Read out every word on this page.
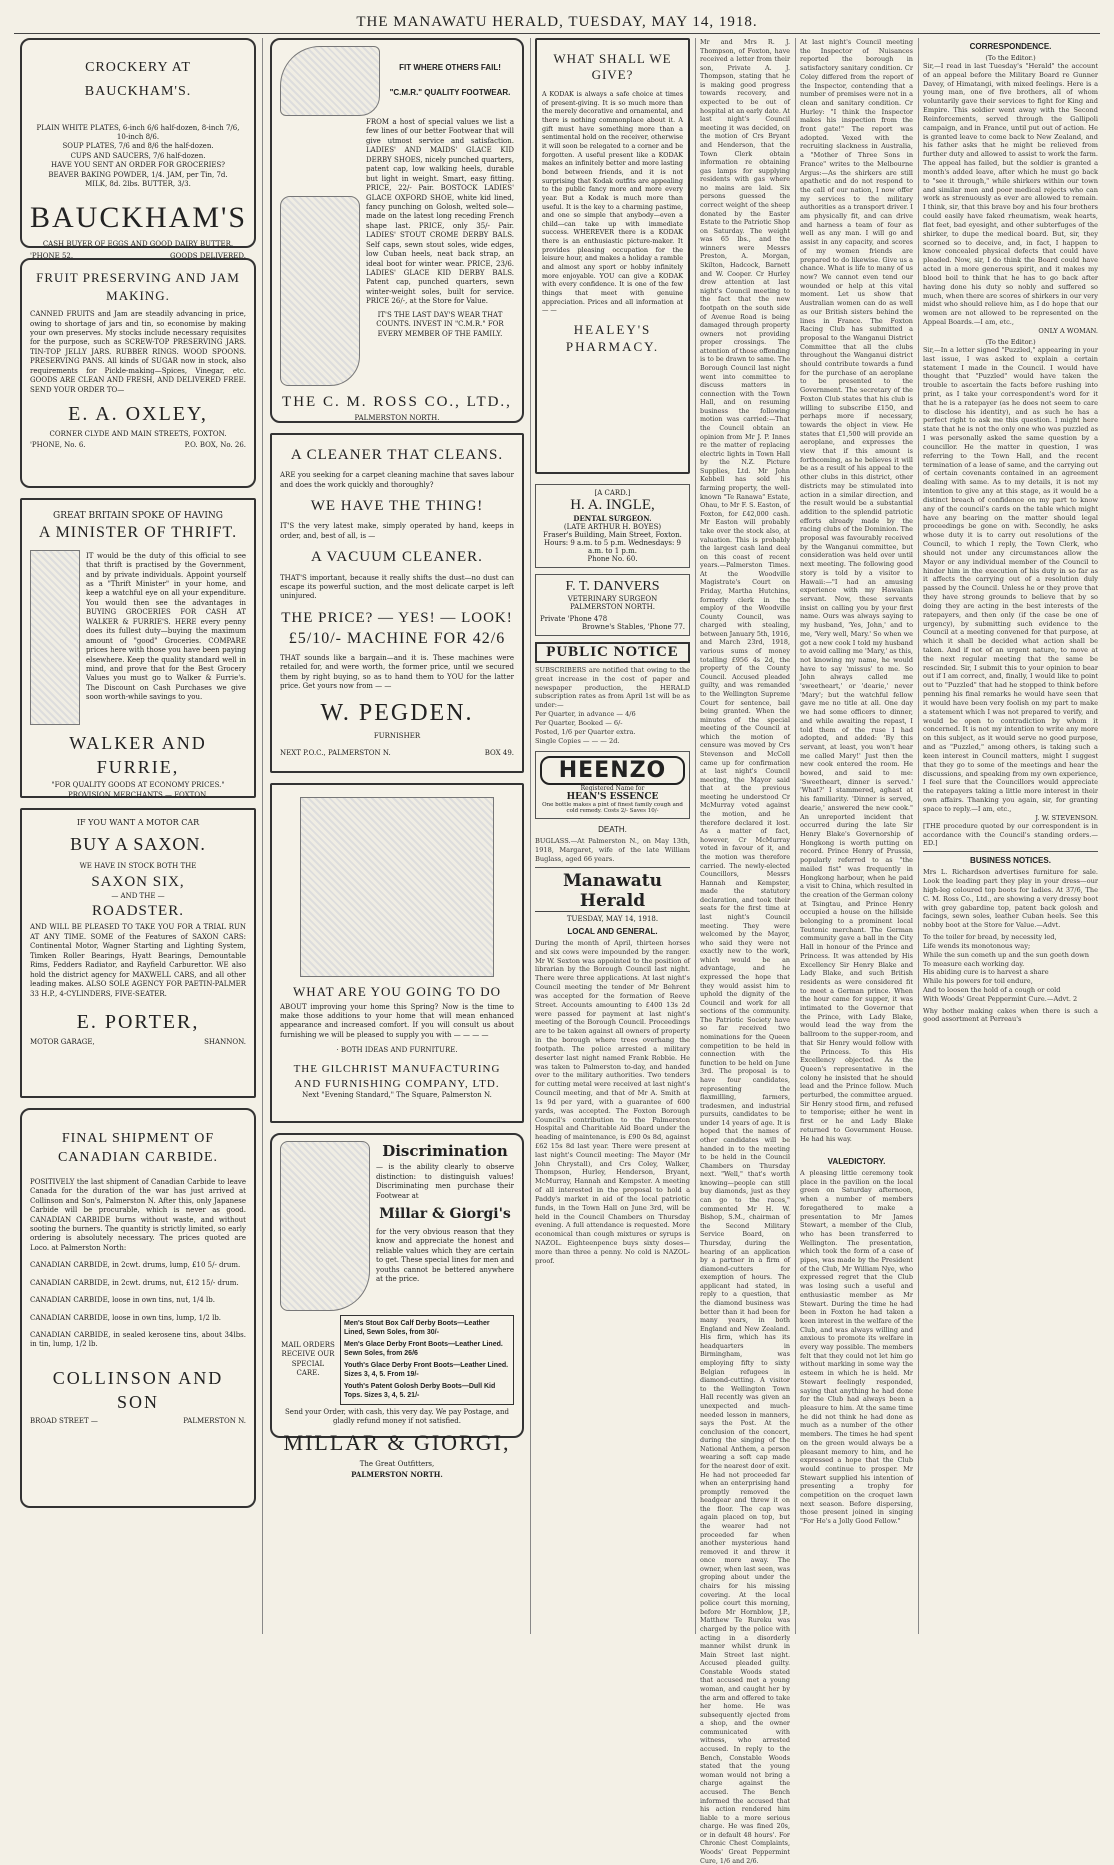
THE MANAWATU HERALD, TUESDAY, MAY 14, 1918.
CROCKERY AT BAUCKHAM'S.
PLAIN WHITE PLATES, 6-inch 6/6 half-dozen, 8-inch 7/6, 10-inch 8/6.
SOUP PLATES, 7/6 and 8/6 the half-dozen.
CUPS AND SAUCERS, 7/6 half-dozen.
HAVE YOU SENT AN ORDER FOR GROCERIES?
BEAVER BAKING POWDER, 1/4. JAM, per Tin, 7d.
MILK, 8d. 2lbs. BUTTER, 3/3.
BAUCKHAM'S
CASH BUYER OF EGGS AND GOOD DAIRY BUTTER.
'PHONE 52.	GOODS DELIVERED.
FRUIT PRESERVING AND JAM MAKING.

CANNED FRUITS and Jam are steadily advancing in price, owing to shortage of jars and tin, so economise by making your own preserves. My stocks include necessary requisites for the purpose, such as SCREW-TOP PRESERVING JARS. TIN-TOP JELLY JARS. RUBBER RINGS. WOOD SPOONS. PRESERVING PANS. All kinds of SUGAR now in stock, also requirements for Pickle-making—Spices, Vinegar, etc. GOODS ARE CLEAN AND FRESH, AND DELIVERED FREE. SEND YOUR ORDER TO—

E. A. OXLEY,
CORNER CLYDE AND MAIN STREETS, FOXTON.
'PHONE, No. 6.	P.O. BOX, No. 26.
GREAT BRITAIN SPOKE OF HAVING
A MINISTER OF THRIFT.

IT would be the duty of this official to see that thrift is practised by the Government, and by private individuals. Appoint yourself as a "Thrift Minister" in your home, and keep a watchful eye on all your expenditure. You would then see the advantages in BUYING GROCERIES FOR CASH AT WALKER & FURRIE'S. HERE every penny does its fullest duty—buying the maximum amount of "good" Groceries. COMPARE prices here with those you have been paying elsewhere. Keep the quality standard well in mind, and prove that for the Best Grocery Values you must go to Walker & Furrie's. The Discount on Cash Purchases we give soon worth-while savings to you.

WALKER AND FURRIE,
"FOR QUALITY GOODS AT ECONOMY PRICES."
PROVISION MERCHANTS — FOXTON.
IF YOU WANT A MOTOR CAR
BUY A SAXON.
WE HAVE IN STOCK BOTH THE
SAXON SIX,
— AND THE —
ROADSTER.

AND WILL BE PLEASED TO TAKE YOU FOR A TRIAL RUN AT ANY TIME. SOME of the Features of SAXON CARS: Continental Motor, Wagner Starting and Lighting System, Timken Roller Bearings, Hyatt Bearings, Demountable Rims, Fedders Radiator, and Rayfield Carburettor. WE also hold the district agency for MAXWELL CARS, and all other leading makes. ALSO SOLE AGENCY FOR PAETIN-PALMER 33 H.P., 4-CYLINDERS, FIVE-SEATER.

E. PORTER,
MOTOR GARAGE,	SHANNON.
FINAL SHIPMENT OF
CANADIAN CARBIDE.

POSITIVELY the last shipment of Canadian Carbide to leave Canada for the duration of the war has just arrived at Collinson and Son's, Palmerston N. After this, only Japanese Carbide will be procurable, which is never as good. CANADIAN CARBIDE burns without waste, and without sooting the burners. The quantity is strictly limited, so early ordering is absolutely necessary. The prices quoted are Loco. at Palmerston North:

CANADIAN CARBIDE, in 2cwt. drums, lump, £10 5/- drum.

CANADIAN CARBIDE, in 2cwt. drums, nut, £12 15/- drum.

CANADIAN CARBIDE, loose in own tins, nut, 1/4 lb.

CANADIAN CARBIDE, loose in own tins, lump, 1/2 lb.

CANADIAN CARBIDE, in sealed kerosene tins, about 34lbs. in tin, lump, 1/2 lb.

COLLINSON AND SON
BROAD STREET —	PALMERSTON N.
FIT WHERE OTHERS FAIL!
"C.M.R." QUALITY FOOTWEAR.

FROM a host of special values we list a few lines of our better Footwear that will give utmost service and satisfaction. LADIES' AND MAIDS' GLACE KID DERBY SHOES, nicely punched quarters, patent cap, low walking heels, durable but light in weight. Smart, easy fitting. PRICE, 22/- Pair. BOSTOCK LADIES' GLACE OXFORD SHOE, white kid lined, fancy punching on Golosh, welted sole—made on the latest long receding French shape last. PRICE, only 35/- Pair. LADIES' STOUT CROME DERBY BALS. Self caps, sewn stout soles, wide edges, low Cuban heels, neat back strap, an ideal boot for winter wear. PRICE, 23/6. LADIES' GLACE KID DERBY BALS. Patent cap, punched quarters, sewn winter-weight soles, built for service. PRICE 26/-, at the Store for Value.

IT'S THE LAST DAY'S WEAR THAT COUNTS. INVEST IN "C.M.R." FOR EVERY MEMBER OF THE FAMILY.

THE C. M. ROSS CO., LTD.,
PALMERSTON NORTH.
A CLEANER THAT CLEANS.

ARE you seeking for a carpet cleaning machine that saves labour and does the work quickly and thoroughly?

WE HAVE THE THING!

IT'S the very latest make, simply operated by hand, keeps in order, and, best of all, is —

A VACUUM CLEANER.

THAT'S important, because it really shifts the dust—no dust can escape its powerful suction, and the most delicate carpet is left uninjured.

THE PRICE? — YES! — LOOK!
£5/10/- MACHINE FOR 42/6

THAT sounds like a bargain—and it is. These machines were retailed for, and were worth, the former price, until we secured them by right buying, so as to hand them to YOU for the latter price. Get yours now from — —

W. PEGDEN.
FURNISHER
NEXT P.O.C., PALMERSTON N.	BOX 49.
WHAT ARE YOU GOING TO DO

ABOUT improving your home this Spring? Now is the time to make those additions to your home that will mean enhanced appearance and increased comfort. If you will consult us about furnishing we will be pleased to supply you with — — — —

· BOTH IDEAS AND FURNITURE.
THE GILCHRIST MANUFACTURING AND FURNISHING COMPANY, LTD.
Next "Evening Standard," The Square, Palmerston N.
Discrimination

— is the ability clearly to observe distinction: to distinguish values! Discriminating men purchase their Footwear at

Millar & Giorgi's

for the very obvious reason that they know and appreciate the honest and reliable values which they are certain to get. These special lines for men and youths cannot be bettered anywhere at the price.

MAIL ORDERS RECEIVE OUR SPECIAL CARE.
Men's Stout Box Calf Derby Boots—Leather Lined, Sewn Soles, from 30/-
Men's Glace Derby Front Boots—Leather Lined. Sewn Soles, from 26/6
Youth's Glace Derby Front Boots—Leather Lined. Sizes 3, 4, 5. From 19/-
Youth's Patent Golosh Derby Boots—Dull Kid Tops. Sizes 3, 4, 5. 21/-
Send your Order, with cash, this very day. We pay Postage, and gladly refund money if not satisfied.
MILLAR & GIORGI,
The Great Outfitters,
PALMERSTON NORTH.
WHAT SHALL WE GIVE?

A KODAK is always a safe choice at times of present-giving. It is so much more than the merely decorative and ornamental, and there is nothing commonplace about it. A gift must have something more than a sentimental hold on the receiver, otherwise it will soon be relegated to a corner and be forgotten. A useful present like a KODAK makes an infinitely better and more lasting bond between friends, and it is not surprising that Kodak outfits are appealing to the public fancy more and more every year. But a Kodak is much more than useful. It is the key to a charming pastime, and one so simple that anybody—even a child—can take up with immediate success. WHEREVER there is a KODAK there is an enthusiastic picture-maker. It provides pleasing occupation for the leisure hour, and makes a holiday a ramble and almost any sport or hobby infinitely more enjoyable. YOU can give a KODAK with every confidence. It is one of the few things that meet with genuine appreciation. Prices and all information at — —

HEALEY'S PHARMACY.
[A CARD.]
H. A. INGLE,
DENTAL SURGEON.
(LATE ARTHUR H. BOYES)
Fraser's Building, Main Street, Foxton.
Hours: 9 a.m. to 5 p.m. Wednesdays: 9 a.m. to 1 p.m.
Phone No. 60.
F. T. DANVERS
VETERINARY SURGEON
PALMERSTON NORTH.
Private 'Phone 478
Browne's Stables, 'Phone 77.
PUBLIC NOTICE
SUBSCRIBERS are notified that owing to the great increase in the cost of paper and newspaper production, the HERALD subscription rates as from April 1st will be as under:—
Per Quarter, in advance — 4/6
Per Quarter, Booked — 6/-
Posted, 1/6 per Quarter extra.
Single Copies — — — 2d.
HEENZO
Registered Name for
HEAN'S ESSENCE
One bottle makes a pint of finest family cough and cold remedy. Costs 2/- Saves 10/-
DEATH.
BUGLASS.—At Palmerston N., on May 13th, 1918, Margaret, wife of the late William Buglass, aged 66 years.
Manawatu Herald
TUESDAY, MAY 14, 1918.
LOCAL AND GENERAL.
During the month of April, thirteen horses and six cows were impounded by the ranger. Mr W. Sexton was appointed to the position of librarian by the Borough Council last night. There were three applications. At last night's Council meeting the tender of Mr Behrent was accepted for the formation of Reeve Street. Accounts amounting to £400 13s 2d were passed for payment at last night's meeting of the Borough Council. Proceedings are to be taken against all owners of property in the borough where trees overhang the footpath. The police arrested a military deserter last night named Frank Robbie. He was taken to Palmerston to-day, and handed over to the military authorities. Two tenders for cutting metal were received at last night's Council meeting, and that of Mr A. Smith at 1s 9d per yard, with a guarantee of 600 yards, was accepted. The Foxton Borough Council's contribution to the Palmerston Hospital and Charitable Aid Board under the heading of maintenance, is £90 0s 8d, against £62 15s 8d last year. There were present at last night's Council meeting: The Mayor (Mr John Chrystall), and Crs Coley, Walker, Thompson, Hurley, Henderson, Bryant, McMurray, Hannah and Kempster. A meeting of all interested in the proposal to hold a Paddy's market in aid of the local patriotic funds, in the Town Hall on June 3rd, will be held in the Council Chambers on Thursday evening. A full attendance is requested. More economical than cough mixtures or syrups is NAZOL. Eighteenpence buys sixty doses—more than three a penny. No cold is NAZOL-proof.
Mr and Mrs R. J. Thompson, of Foxton, have received a letter from their son, Private A. J. Thompson, stating that he is making good progress towards recovery, and expected to be out of hospital at an early date. At last night's Council meeting it was decided, on the motion of Crs Bryant and Henderson, that the Town Clerk obtain information re obtaining gas lamps for supplying residents with gas where no mains are laid. Six persons guessed the correct weight of the sheep donated by the Easter Estate to the Patriotic Shop on Saturday. The weight was 65 lbs., and the winners were Messrs Preston, A. Morgan, Skilton, Hadcock, Barnett and W. Cooper. Cr Hurley drew attention at last night's Council meeting to the fact that the new footpath on the south side of Avenue Road is being damaged through property owners not providing proper crossings. The attention of those offending is to be drawn to same. The Borough Council last night went into committee to discuss matters in connection with the Town Hall, and on resuming business the following motion was carried:—That the Council obtain an opinion from Mr J. P. Innes re the matter of replacing electric lights in Town Hall by the N.Z. Picture Supplies, Ltd. Mr John Kebbell has sold his farming property, the well-known "Te Ranawa" Estate, Ohau, to Mr F. S. Easton, of Foxton, for £42,000 cash. Mr Easton will probably take over the stock also, at valuation. This is probably the largest cash land deal on this coast of recent years.—Palmerston Times. At the Woodville Magistrate's Court on Friday, Martha Hutchins, formerly clerk in the employ of the Woodville County Council, was charged with stealing, between January 5th, 1916, and March 23rd, 1918, various sums of money totalling £956 4s 2d, the property of the County Council. Accused pleaded guilty, and was remanded to the Wellington Supreme Court for sentence, bail being granted. When the minutes of the special meeting of the Council at which the motion of censure was moved by Crs Stevenson and McColl came up for confirmation at last night's Council meeting, the Mayor said that at the previous meeting he understood Cr McMurray voted against the motion, and he therefore declared it lost. As a matter of fact, however, Cr McMurray voted in favour of it, and the motion was therefore carried. The newly-elected Councillors, Messrs Hannah and Kempster, made the statutory declaration, and took their seats for the first time at last night's Council meeting. They were welcomed by the Mayor, who said they were not exactly new to the work, which would be an advantage, and he expressed the hope that they would assist him to uphold the dignity of the Council and work for all sections of the community. The Patriotic Society have so far received two nominations for the Queen competition to be held in connection with the function to be held on June 3rd. The proposal is to have four candidates, representing the flaxmilling, farmers, tradesmen, and industrial pursuits, candidates to be under 14 years of age. It is hoped that the names of other candidates will be handed in to the meeting to be held in the Council Chambers on Thursday next. "Well," that's worth knowing—people can still buy diamonds, just as they can go to the races," commented Mr H. W. Bishop, S.M., chairman of the Second Military Service Board, on Thursday, during the hearing of an application by a partner in a firm of diamond-cutters for exemption of hours. The applicant had stated, in reply to a question, that the diamond business was better than it had been for many years, in both England and New Zealand. His firm, which has its headquarters in Birmingham, was employing fifty to sixty Belgian refugees in diamond-cutting. A visitor to the Wellington Town Hall recently was given an unexpected and much-needed lesson in manners, says the Post. At the conclusion of the concert, during the singing of the National Anthem, a person wearing a soft cap made for the nearest door of exit. He had not proceeded far when an enterprising hand promptly removed the headgear and threw it on the floor. The cap was again placed on top, but the wearer had not proceeded far when another mysterious hand removed it and threw it once more away. The owner, when last seen, was groping about under the chairs for his missing covering. At the local police court this morning, before Mr Hornblow, J.P., Matthew Te Rureku was charged by the police with acting in a disorderly manner whilst drunk in Main Street last night. Accused pleaded guilty. Constable Woods stated that accused met a young woman, and caught her by the arm and offered to take her home. He was subsequently ejected from a shop, and the owner communicated with witness, who arrested accused. In reply to the Bench, Constable Woods stated that the young woman would not bring a charge against the accused. The Bench informed the accused that his action rendered him liable to a more serious charge. He was fined 20s, or in default 48 hours'. For Chronic Chest Complaints, Woods' Great Peppermint Cure, 1/6 and 2/6.
At last night's Council meeting the Inspector of Nuisances reported the borough in satisfactory sanitary condition. Cr Coley differed from the report of the Inspector, contending that a number of premises were not in a clean and sanitary condition. Cr Hurley: "I think the Inspector makes his inspection from the front gate!" The report was adopted. Vexed with the recruiting slackness in Australia, a "Mother of Three Sons in France" writes to the Melbourne Argus:—As the shirkers are still apathetic and do not respond to the call of our nation, I now offer my services to the military authorities as a transport driver. I am physically fit, and can drive and harness a team of four as well as any man. I will go and assist in any capacity, and scores of my women friends are prepared to do likewise. Give us a chance. What is life to many of us now? We cannot even tend our wounded or help at this vital moment. Let us show that Australian women can do as well as our British sisters behind the lines in France. The Foxton Racing Club has submitted a proposal to the Wanganui District Committee that all the clubs throughout the Wanganui district should contribute towards a fund for the purchase of an aeroplane to be presented to the Government. The secretary of the Foxton Club states that his club is willing to subscribe £150, and perhaps more if necessary, towards the object in view. He states that £1,500 will provide an aeroplane, and expresses the view that if this amount is forthcoming, as he believes it will be as a result of his appeal to the other clubs in this district, other districts may be stimulated into action in a similar direction, and the result would be a substantial addition to the splendid patriotic efforts already made by the racing clubs of the Dominion. The proposal was favourably received by the Wanganui committee, but consideration was held over until next meeting. The following good story is told by a visitor to Hawaii:—"I had an amusing experience with my Hawaiian servant. Now, these servants insist on calling you by your first name. Ours was always saying to my husband, 'Yes, John,' and to me, 'Very well, Mary.' So when we got a new cook I told my husband to avoid calling me 'Mary,' as this, not knowing my name, he would have to say 'missus' to me. So John always called me 'sweetheart,' or 'dearie,' never 'Mary'; but the watchful fellow gave me no title at all. One day we had some officers to dinner, and while awaiting the repast, I told them of the ruse I had adopted, and added: 'By this servant, at least, you won't hear me called Mary!' Just then the new cook entered the room. He bowed, and said to me: 'Sweetheart, dinner is served.' 'What?' I stammered, aghast at his familiarity. 'Dinner is served, dearie,' answered the new cook." An unreported incident that occurred during the late Sir Henry Blake's Governorship of Hongkong is worth putting on record. Prince Henry of Prussia, popularly referred to as "the mailed fist" was frequently in Hongkong harbour, when he paid a visit to China, which resulted in the creation of the German colony at Tsingtau, and Prince Henry occupied a house on the hillside belonging to a prominent local Teutonic merchant. The German community gave a ball in the City Hall in honour of the Prince and Princess. It was attended by His Excellency Sir Henry Blake and Lady Blake, and such British residents as were considered fit to meet a German prince. When the hour came for supper, it was intimated to the Governor that the Prince, with Lady Blake, would lead the way from the ballroom to the supper-room, and that Sir Henry would follow with the Princess. To this His Excellency objected. As the Queen's representative in the colony he insisted that he should lead and the Prince follow. Much perturbed, the committee argued. Sir Henry stood firm, and refused to temporise; either he went in first or he and Lady Blake returned to Government House. He had his way.
VALEDICTORY.
A pleasing little ceremony took place in the pavilion on the local green on Saturday afternoon, when a number of members foregathered to make a presentation to Mr James Stewart, a member of the Club, who has been transferred to Wellington. The presentation, which took the form of a case of pipes, was made by the President of the Club, Mr William Nye, who expressed regret that the Club was losing such a useful and enthusiastic member as Mr Stewart. During the time he had been in Foxton he had taken a keen interest in the welfare of the Club, and was always willing and anxious to promote its welfare in every way possible. The members felt that they could not let him go without marking in some way the esteem in which he is held. Mr Stewart feelingly responded, saying that anything he had done for the Club had always been a pleasure to him. At the same time he did not think he had done as much as a number of the other members. The times he had spent on the green would always be a pleasant memory to him, and he expressed a hope that the Club would continue to prosper. Mr Stewart supplied his intention of presenting a trophy for competition on the croquet lawn next season. Before dispersing, those present joined in singing "For He's a Jolly Good Fellow."
CORRESPONDENCE.
(To the Editor.)
Sir,—I read in last Tuesday's "Herald" the account of an appeal before the Military Board re Gunner Davey, of Himatangi, with mixed feelings. Here is a young man, one of five brothers, all of whom voluntarily gave their services to fight for King and Empire. This soldier went away with the Second Reinforcements, served through the Gallipoli campaign, and in France, until put out of action. He is granted leave to come back to New Zealand, and his father asks that he might be relieved from further duty and allowed to assist to work the farm. The appeal has failed, but the soldier is granted a month's added leave, after which he must go back to "see it through," while shirkers within our town and similar men and poor medical rejects who can work as strenuously as ever are allowed to remain. I think, sir, that this brave boy and his four brothers could easily have faked rheumatism, weak hearts, flat feet, bad eyesight, and other subterfuges of the shirker, to dupe the medical board. But, sir, they scorned so to deceive, and, in fact, I happen to know concealed physical defects that could have pleaded. Now, sir, I do think the Board could have acted in a more generous spirit, and it makes my blood boil to think that he has to go back after having done his duty so nobly and suffered so much, when there are scores of shirkers in our very midst who should relieve him, as I do hope that our women are not allowed to be represented on the Appeal Boards.—I am, etc.,
ONLY A WOMAN.
(To the Editor.)
Sir,—In a letter signed "Puzzled," appearing in your last issue, I was asked to explain a certain statement I made in the Council. I would have thought that "Puzzled" would have taken the trouble to ascertain the facts before rushing into print, as I take your correspondent's word for it that he is a ratepayer (as he does not seem to care to disclose his identity), and as such he has a perfect right to ask me this question. I might here state that he is not the only one who was puzzled as I was personally asked the same question by a councillor. He the matter in question, I was referring to the Town Hall, and the recent termination of a lease of same, and the carrying out of certain covenants contained in an agreement dealing with same. As to my details, it is not my intention to give any at this stage, as it would be a distinct breach of confidence on my part to know any of the council's cards on the table which might have any bearing on the matter should legal proceedings be gone on with. Secondly, he asks whose duty it is to carry out resolutions of the Council, to which I reply, the Town Clerk, who should not under any circumstances allow the Mayor or any individual member of the Council to hinder him in the execution of his duty in so far as it affects the carrying out of a resolution duly passed by the Council. Unless he or they prove that they have strong grounds to believe that by so doing they are acting in the best interests of the ratepayers, and then only (if the case be one of urgency), by submitting such evidence to the Council at a meeting convened for that purpose, at which it shall be decided what action shall be taken. And if not of an urgent nature, to move at the next regular meeting that the same be rescinded. Sir, I submit this to your opinion to bear out if I am correct, and, finally, I would like to point out to "Puzzled" that had he stopped to think before penning his final remarks he would have seen that it would have been very foolish on my part to make a statement which I was not prepared to verify, and would be open to contradiction by whom it concerned. It is not my intention to write any more on this subject, as it would serve no good purpose, and as "Puzzled," among others, is taking such a keen interest in Council matters, might I suggest that they go to some of the meetings and hear the discussions, and speaking from my own experience, I feel sure that the Councillors would appreciate the ratepayers taking a little more interest in their own affairs. Thanking you again, sir, for granting space to reply.—I am, etc.,
J. W. STEVENSON.
[THE procedure quoted by our correspondent is in accordance with the Council's standing orders.—ED.]
BUSINESS NOTICES.
Mrs L. Richardson advertises furniture for sale. Look the leading part they play in your dress—our high-leg coloured top boots for ladies. At 37/6, The C. M. Ross Co., Ltd., are showing a very dressy boot with grey gabardine top, patent back golosh and facings, sewn soles, leather Cuban heels. See this nobby boot at the Store for Value.—Advt.
To the toiler for bread, by necessity led,
Life wends its monotonous way;
While the sun cometh up and the sun goeth down
To measure each working day.
His abiding cure is to harvest a share
While his powers for toil endure,
And to loosen the hold of a cough or cold
With Woods' Great Peppermint Cure.—Advt. 2
Why bother making cakes when there is such a good assortment at Perreau's
